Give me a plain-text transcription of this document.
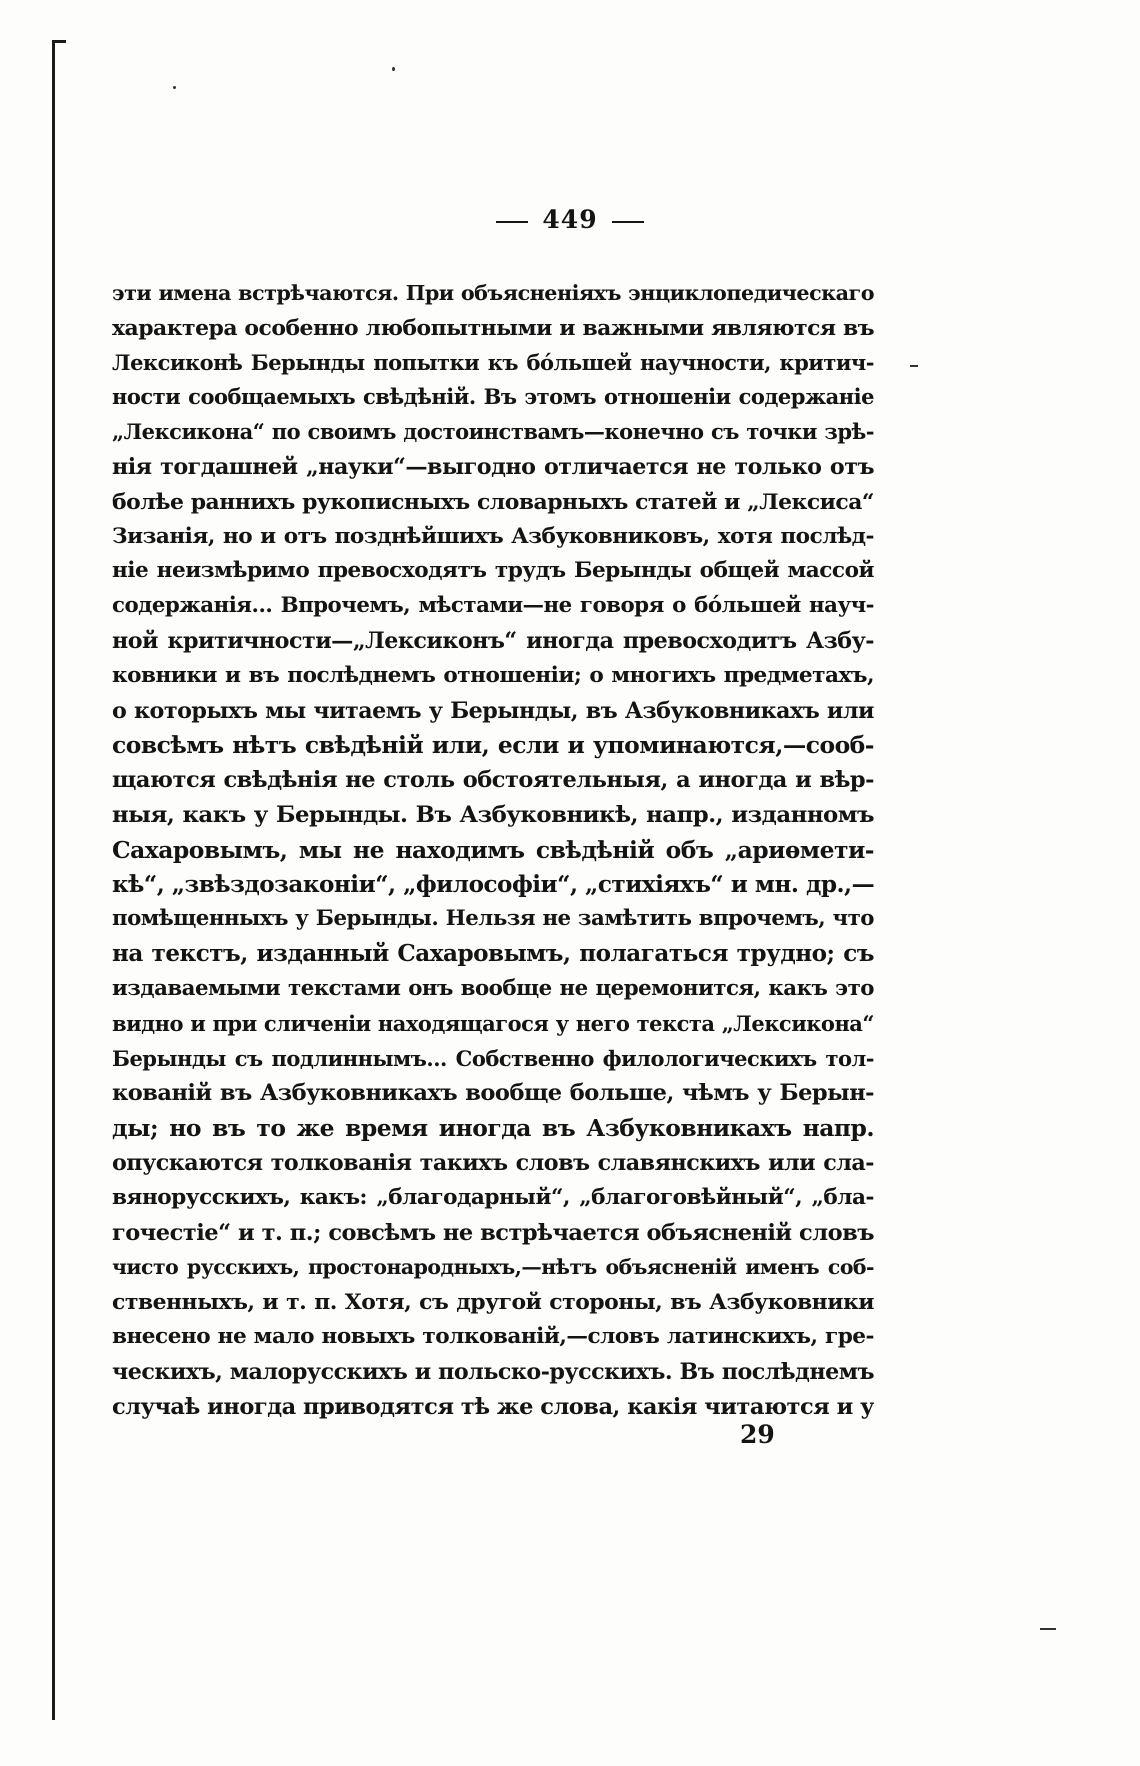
449
эти имена встрѣчаются. При объясненіяхъ энциклопедическаго
характера особенно любопытными и важными являются въ
Лексиконѣ Берынды попытки къ бóльшей научности, критич-
ности сообщаемыхъ свѣдѣній. Въ этомъ отношеніи содержаніе
„Лексикона“ по своимъ достоинствамъ—конечно съ точки зрѣ-
нія тогдашней „науки“—выгодно отличается не только отъ
болѣе раннихъ рукописныхъ словарныхъ статей и „Лексиса“
Зизанія, но и отъ позднѣйшихъ Азбуковниковъ, хотя послѣд-
ніе неизмѣримо превосходятъ трудъ Берынды общей массой
содержанія... Впрочемъ, мѣстами—не говоря о бóльшей науч-
ной критичности—„Лексиконъ“ иногда превосходитъ Азбу-
ковники и въ послѣднемъ отношеніи; о многихъ предметахъ,
о которыхъ мы читаемъ у Берынды, въ Азбуковникахъ или
совсѣмъ нѣтъ свѣдѣній или, если и упоминаются,—сооб-
щаются свѣдѣнія не столь обстоятельныя, а иногда и вѣр-
ныя, какъ у Берынды. Въ Азбуковникѣ, напр., изданномъ
Сахаровымъ, мы не находимъ свѣдѣній объ „ариѳмети-
кѣ“, „звѣздозаконіи“, „философіи“, „стихіяхъ“ и мн. др.,—
помѣщенныхъ у Берынды. Нельзя не замѣтить впрочемъ, что
на текстъ, изданный Сахаровымъ, полагаться трудно; съ
издаваемыми текстами онъ вообще не церемонится, какъ это
видно и при сличеніи находящагося у него текста „Лексикона“
Берынды съ подлиннымъ... Собственно филологическихъ тол-
кованій въ Азбуковникахъ вообще больше, чѣмъ у Берын-
ды; но въ то же время иногда въ Азбуковникахъ напр.
опускаются толкованія такихъ словъ славянскихъ или сла-
вянорусскихъ, какъ: „благодарный“, „благоговѣйный“, „бла-
гочестіе“ и т. п.; совсѣмъ не встрѣчается объясненій словъ
чисто русскихъ, простонародныхъ,—нѣтъ объясненій именъ соб-
ственныхъ, и т. п. Хотя, съ другой стороны, въ Азбуковники
внесено не мало новыхъ толкованій,—словъ латинскихъ, гре-
ческихъ, малорусскихъ и польско-русскихъ. Въ послѣднемъ
случаѣ иногда приводятся тѣ же слова, какія читаются и у

29
